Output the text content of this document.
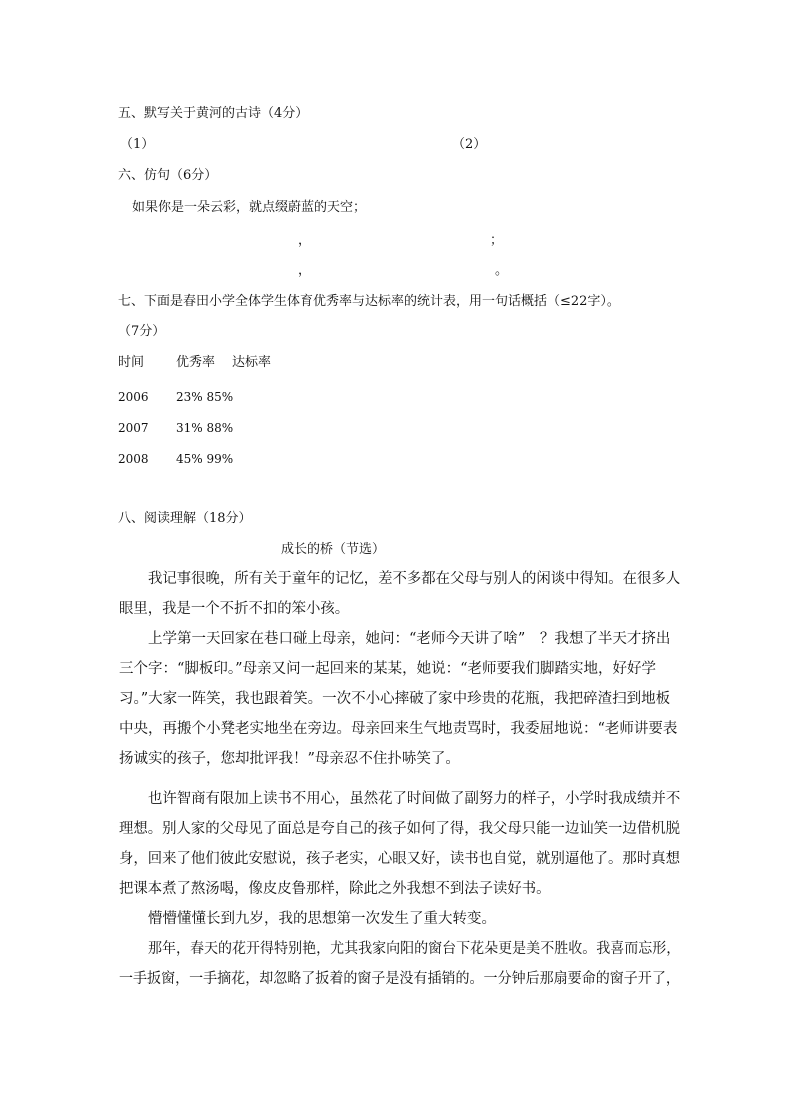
五、默写关于黄河的古诗（4分）
（1）	（2）
六、仿句（6分）
如果你是一朵云彩，就点缀蔚蓝的天空；
，	；
，	。
七、下面是春田小学全体学生体育优秀率与达标率的统计表，用一句话概括（≤22字）。
（7分）
时间 优秀率 达标率
2006 23% 85%
2007 31% 88%
2008 45% 99%
八、阅读理解（18分）
成长的桥（节选）
我记事很晚，所有关于童年的记忆，差不多都在父母与别人的闲谈中得知。在很多人
眼里，我是一个不折不扣的笨小孩。
上学第一天回家在巷口碰上母亲，她问：“老师今天讲了啥”　？我想了半天才挤出
三个字：“脚板印。”母亲又问一起回来的某某，她说：“老师要我们脚踏实地，好好学
习。”大家一阵笑，我也跟着笑。一次不小心摔破了家中珍贵的花瓶，我把碎渣扫到地板
中央，再搬个小凳老实地坐在旁边。母亲回来生气地责骂时，我委屈地说：“老师讲要表
扬诚实的孩子，您却批评我！”母亲忍不住扑哧笑了。
也许智商有限加上读书不用心，虽然花了时间做了副努力的样子，小学时我成绩并不
理想。别人家的父母见了面总是夸自己的孩子如何了得，我父母只能一边讪笑一边借机脱
身，回来了他们彼此安慰说，孩子老实，心眼又好，读书也自觉，就别逼他了。那时真想
把课本煮了熬汤喝，像皮皮鲁那样，除此之外我想不到法子读好书。
懵懵懂懂长到九岁，我的思想第一次发生了重大转变。
那年，春天的花开得特别艳，尤其我家向阳的窗台下花朵更是美不胜收。我喜而忘形，
一手扳窗，一手摘花，却忽略了扳着的窗子是没有插销的。一分钟后那扇要命的窗子开了，
